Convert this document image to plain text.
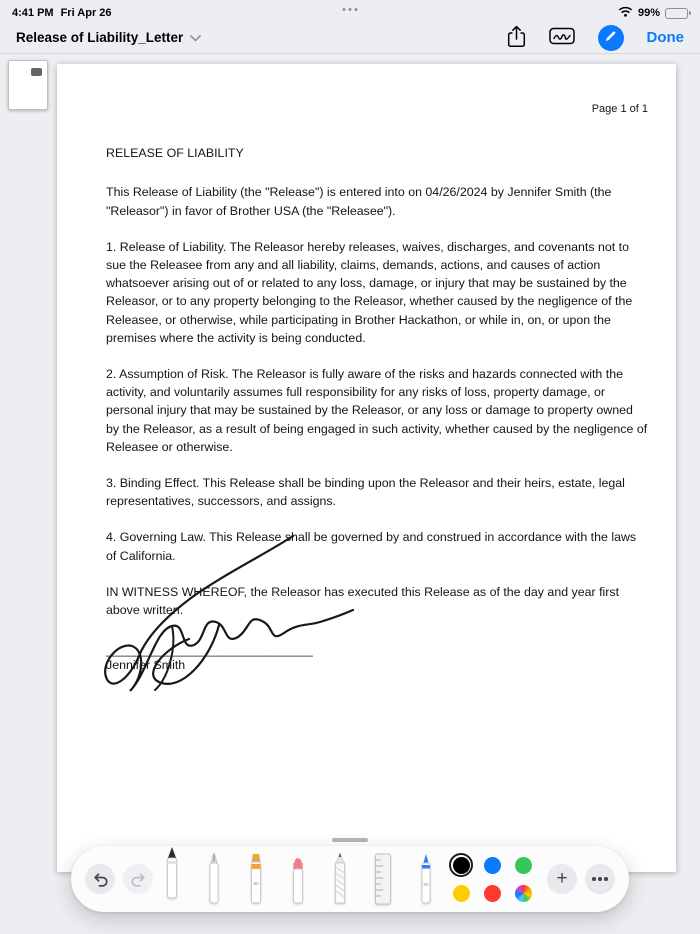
4:41 PM Fri Apr 26	99%
Release of Liability_Letter	Done
Page 1 of 1
RELEASE OF LIABILITY

This Release of Liability (the "Release") is entered into on 04/26/2024 by Jennifer Smith (the "Releasor") in favor of Brother USA (the "Releasee").

1. Release of Liability. The Releasor hereby releases, waives, discharges, and covenants not to sue the Releasee from any and all liability, claims, demands, actions, and causes of action whatsoever arising out of or related to any loss, damage, or injury that may be sustained by the Releasor, or to any property belonging to the Releasor, whether caused by the negligence of the Releasee, or otherwise, while participating in Brother Hackathon, or while in, on, or upon the premises where the activity is being conducted.

2. Assumption of Risk. The Releasor is fully aware of the risks and hazards connected with the activity, and voluntarily assumes full responsibility for any risks of loss, property damage, or personal injury that may be sustained by the Releasor, or any loss or damage to property owned by the Releasor, as a result of being engaged in such activity, whether caused by the negligence of Releasee or otherwise.

3. Binding Effect. This Release shall be binding upon the Releasor and their heirs, estate, legal representatives, successors, and assigns.

4. Governing Law. This Release shall be governed by and construed in accordance with the laws of California.

IN WITNESS WHEREOF, the Releasor has executed this Release as of the day and year first above written.

______________________________
Jennifer Smith
80	50	+
